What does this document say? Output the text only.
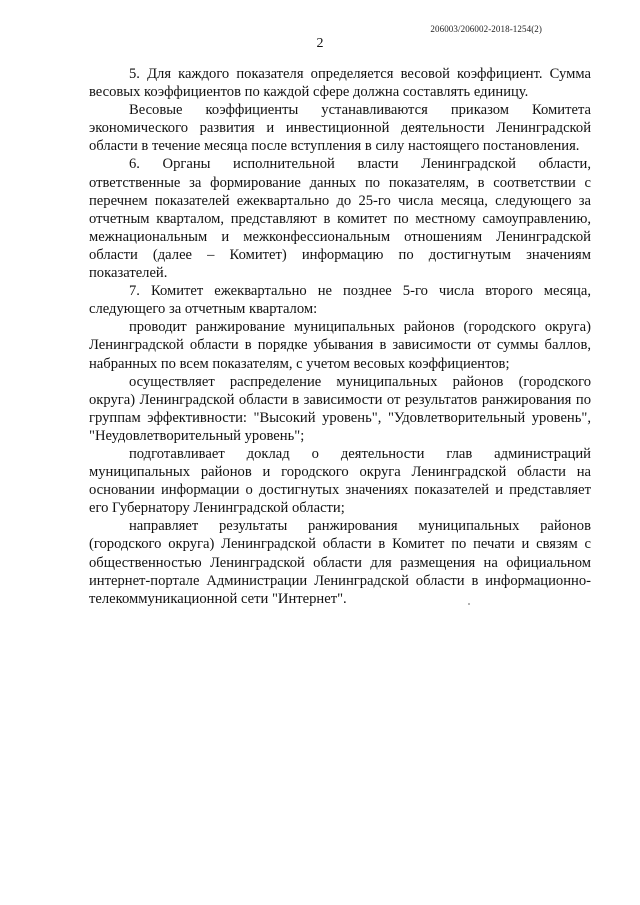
206003/206002-2018-1254(2)
2

5. Для каждого показателя определяется весовой коэффициент. Сумма весовых коэффициентов по каждой сфере должна составлять единицу.

Весовые коэффициенты устанавливаются приказом Комитета экономического развития и инвестиционной деятельности Ленинградской области в течение месяца после вступления в силу настоящего постановления.

6. Органы исполнительной власти Ленинградской области, ответственные за формирование данных по показателям, в соответствии с перечнем показателей ежеквартально до 25-го числа месяца, следующего за отчетным кварталом, представляют в комитет по местному самоуправлению, межнациональным и межконфессиональным отношениям Ленинградской области (далее – Комитет) информацию по достигнутым значениям показателей.

7. Комитет ежеквартально не позднее 5-го числа второго месяца, следующего за отчетным кварталом:

проводит ранжирование муниципальных районов (городского округа) Ленинградской области в порядке убывания в зависимости от суммы баллов, набранных по всем показателям, с учетом весовых коэффициентов;

осуществляет распределение муниципальных районов (городского округа) Ленинградской области в зависимости от результатов ранжирования по группам эффективности: "Высокий уровень", "Удовлетворительный уровень", "Неудовлетворительный уровень";

подготавливает доклад о деятельности глав администраций муниципальных районов и городского округа Ленинградской области на основании информации о достигнутых значениях показателей и представляет его Губернатору Ленинградской области;

направляет результаты ранжирования муниципальных районов (городского округа) Ленинградской области в Комитет по печати и связям с общественностью Ленинградской области для размещения на официальном интернет-портале Администрации Ленинградской области в информационно-телекоммуникационной сети "Интернет".
